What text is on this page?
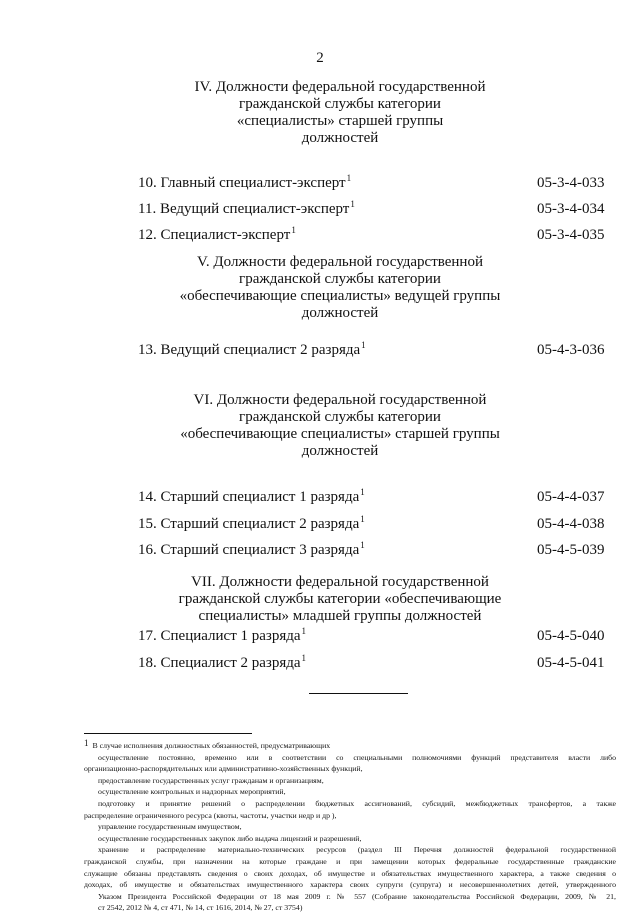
2
IV. Должности федеральной государственной
гражданской службы категории
«специалисты» старшей группы
должностей
10. Главный специалист-эксперт$^1$	05-3-4-033
11. Ведущий специалист-эксперт$^1$	05-3-4-034
12. Специалист-эксперт$^1$	05-3-4-035
V. Должности федеральной государственной
гражданской службы категории
«обеспечивающие специалисты» ведущей группы
должностей
13. Ведущий специалист 2 разряда$^1$	05-4-3-036
VI. Должности федеральной государственной
гражданской службы категории
«обеспечивающие специалисты» старшей группы
должностей
14. Старший специалист 1 разряда$^1$	05-4-4-037
15. Старший специалист 2 разряда$^1$	05-4-4-038
16. Старший специалист 3 разряда$^1$	05-4-5-039
VII. Должности федеральной государственной
гражданской службы категории «обеспечивающие
специалисты» младшей группы должностей
17. Специалист 1 разряда$^1$	05-4-5-040
18. Специалист 2 разряда$^1$	05-4-5-041
1 В случае исполнения должностных обязанностей, предусматривающих
осуществление постоянно, временно или в соответствии со специальными полномочиями функций представителя власти либо
организационно-распорядительных или административно-хозяйственных функций,
предоставление государственных услуг гражданам и организациям,
осуществление контрольных и надзорных мероприятий,
подготовку и принятие решений о распределении бюджетных ассигнований, субсидий, межбюджетных трансфертов, а также
распределение ограниченного ресурса (квоты, частоты, участки недр и др ),
управление государственным имуществом,
осуществление государственных закупок либо выдача лицензий и разрешений,
хранение и распределение материально-технических ресурсов (раздел III Перечня должностей федеральной государственной
гражданской службы, при назначении на которые граждане и при замещении которых федеральные государственные гражданские
служащие обязаны представлять сведения о своих доходах, об имуществе и обязательствах имущественного характера, а также сведения о
доходах, об имуществе и обязательствах имущественного характера своих супруги (супруга) и несовершеннолетних детей, утвержденного
Указом Президента Российской Федерации от 18 мая 2009 г. № 557 (Собрание законодательства Российской Федерации, 2009, № 21,
ст 2542, 2012 № 4, ст 471, № 14, ст 1616, 2014, № 27, ст 3754)
